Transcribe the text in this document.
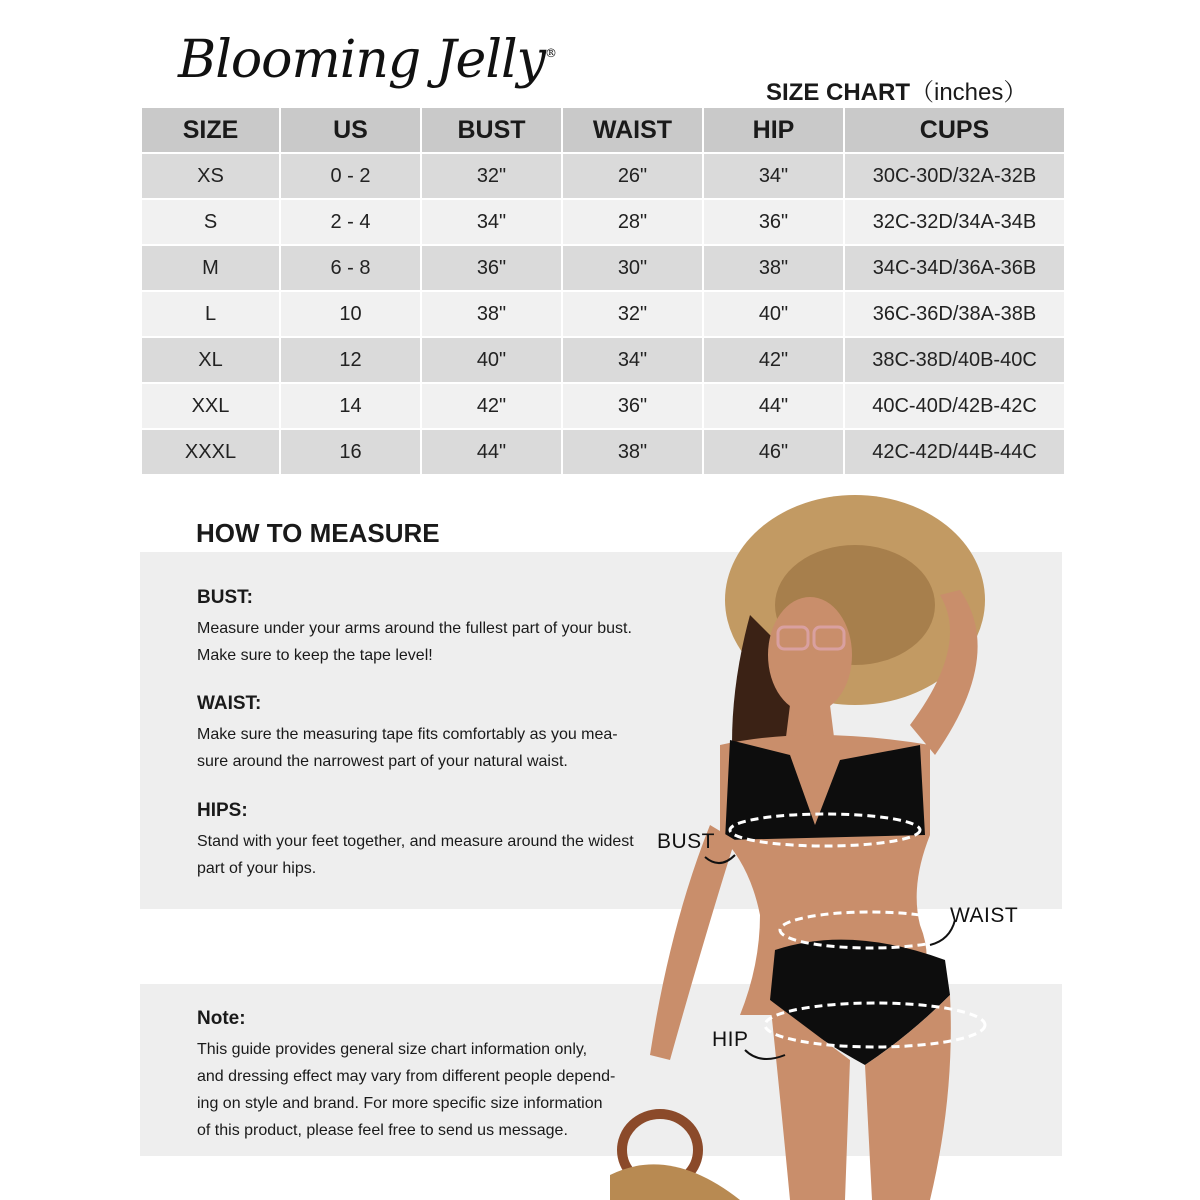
Blooming Jelly®
SIZE CHART（inches）
SIZE	US	BUST	WAIST	HIP	CUPS
XS	0 - 2	32"	26"	34"	30C-30D/32A-32B
S	2 - 4	34"	28"	36"	32C-32D/34A-34B
M	6 - 8	36"	30"	38"	34C-34D/36A-36B
L	10	38"	32"	40"	36C-36D/38A-38B
XL	12	40"	34"	42"	38C-38D/40B-40C
XXL	14	42"	36"	44"	40C-40D/42B-42C
XXXL	16	44"	38"	46"	42C-42D/44B-44C
HOW TO MEASURE
BUST:

Measure under your arms around the fullest part of your bust.
Make sure to keep the tape level!

WAIST:

Make sure the measuring tape fits comfortably as you mea-
sure around the narrowest part of your natural waist.

HIPS:

Stand with your feet together, and measure around the widest
part of your hips.

Note:

This guide provides general size chart information only,
and dressing effect may vary from different people depend-
ing on style and brand. For more specific size information
of this product, please feel free to send us message.

BUST
WAIST
HIP
